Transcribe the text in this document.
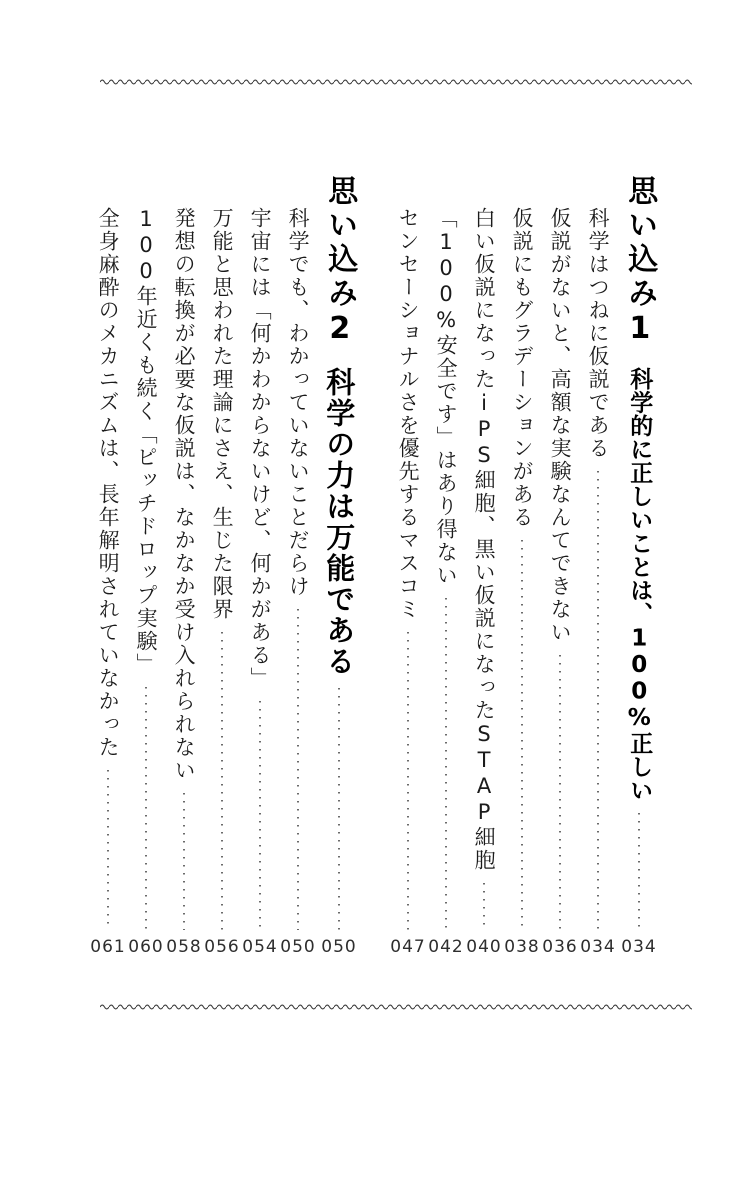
思い込み1科学的に正しいことは、100%正しい
034
科学はつねに仮説である
034
仮説がないと、高額な実験なんてできない
036
仮説にもグラデーションがある
038
白い仮説になったiPS細胞、黒い仮説になったSTAP細胞
040
「100%安全です」はあり得ない
042
センセーショナルさを優先するマスコミ
047
思い込み2科学の力は万能である
050
科学でも、わかっていないことだらけ
050
宇宙には「何かわからないけど、何かがある」
054
万能と思われた理論にさえ、生じた限界
056
発想の転換が必要な仮説は、なかなか受け入れられない
058
100年近くも続く「ピッチドロップ実験」
060
全身麻酔のメカニズムは、長年解明されていなかった
061
